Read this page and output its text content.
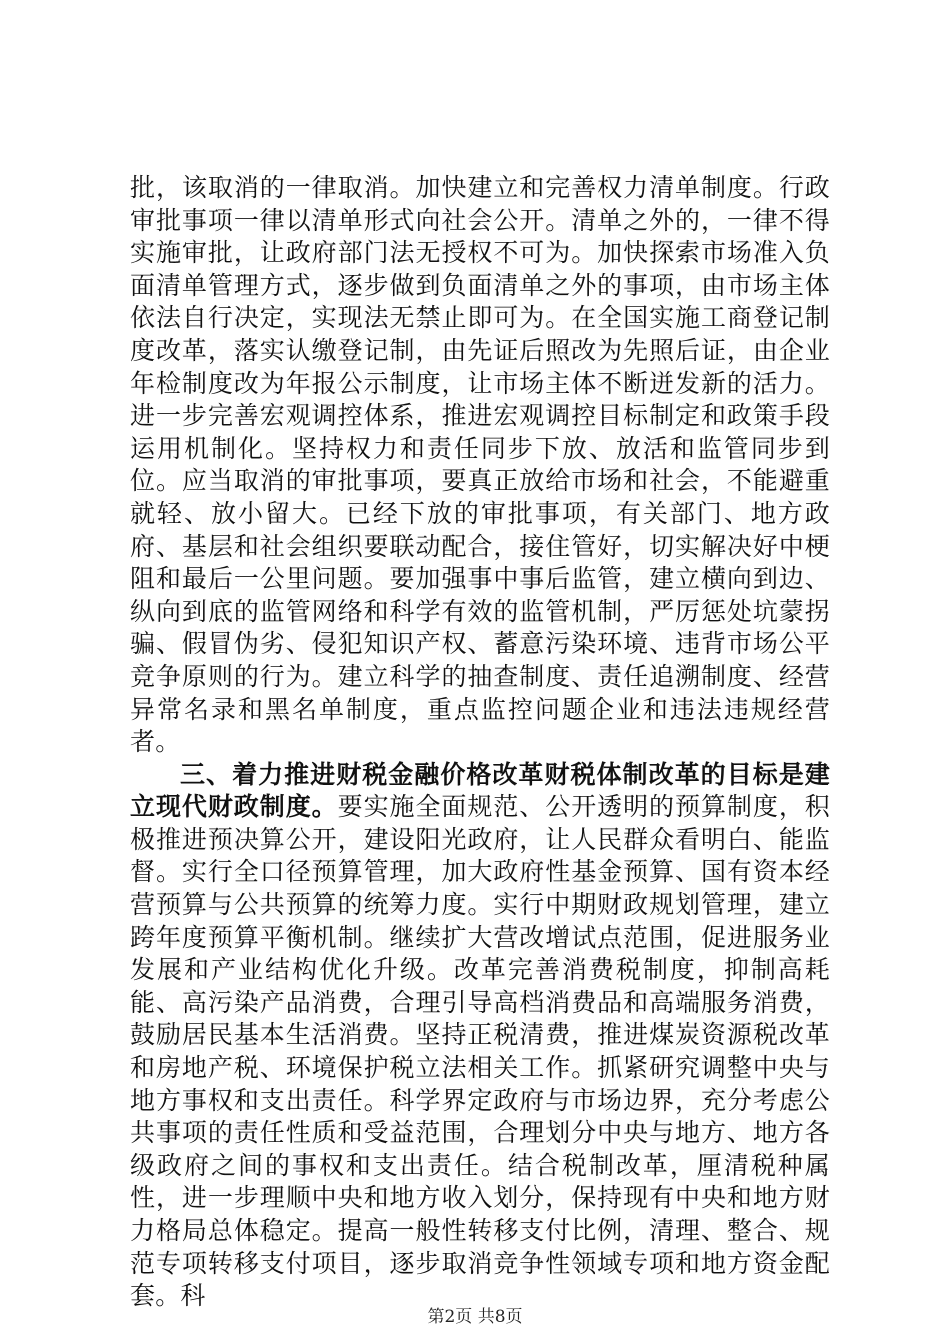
批，该取消的一律取消。加快建立和完善权力清单制度。行政审批事项一律以清单形式向社会公开。清单之外的，一律不得实施审批，让政府部门法无授权不可为。加快探索市场准入负面清单管理方式，逐步做到负面清单之外的事项，由市场主体依法自行决定，实现法无禁止即可为。在全国实施工商登记制度改革，落实认缴登记制，由先证后照改为先照后证，由企业年检制度改为年报公示制度，让市场主体不断迸发新的活力。进一步完善宏观调控体系，推进宏观调控目标制定和政策手段运用机制化。坚持权力和责任同步下放、放活和监管同步到位。应当取消的审批事项，要真正放给市场和社会，不能避重就轻、放小留大。已经下放的审批事项，有关部门、地方政府、基层和社会组织要联动配合，接住管好，切实解决好中梗阻和最后一公里问题。要加强事中事后监管，建立横向到边、纵向到底的监管网络和科学有效的监管机制，严厉惩处坑蒙拐骗、假冒伪劣、侵犯知识产权、蓄意污染环境、违背市场公平竞争原则的行为。建立科学的抽查制度、责任追溯制度、经营异常名录和黑名单制度，重点监控问题企业和违法违规经营者。

三、着力推进财税金融价格改革财税体制改革的目标是建立现代财政制度。要实施全面规范、公开透明的预算制度，积极推进预决算公开，建设阳光政府，让人民群众看明白、能监督。实行全口径预算管理，加大政府性基金预算、国有资本经营预算与公共预算的统筹力度。实行中期财政规划管理，建立跨年度预算平衡机制。继续扩大营改增试点范围，促进服务业发展和产业结构优化升级。改革完善消费税制度，抑制高耗能、高污染产品消费，合理引导高档消费品和高端服务消费，鼓励居民基本生活消费。坚持正税清费，推进煤炭资源税改革和房地产税、环境保护税立法相关工作。抓紧研究调整中央与地方事权和支出责任。科学界定政府与市场边界，充分考虑公共事项的责任性质和受益范围，合理划分中央与地方、地方各级政府之间的事权和支出责任。结合税制改革，厘清税种属性，进一步理顺中央和地方收入划分，保持现有中央和地方财力格局总体稳定。提高一般性转移支付比例，清理、整合、规范专项转移支付项目，逐步取消竞争性领域专项和地方资金配套。科

第2页 共8页
